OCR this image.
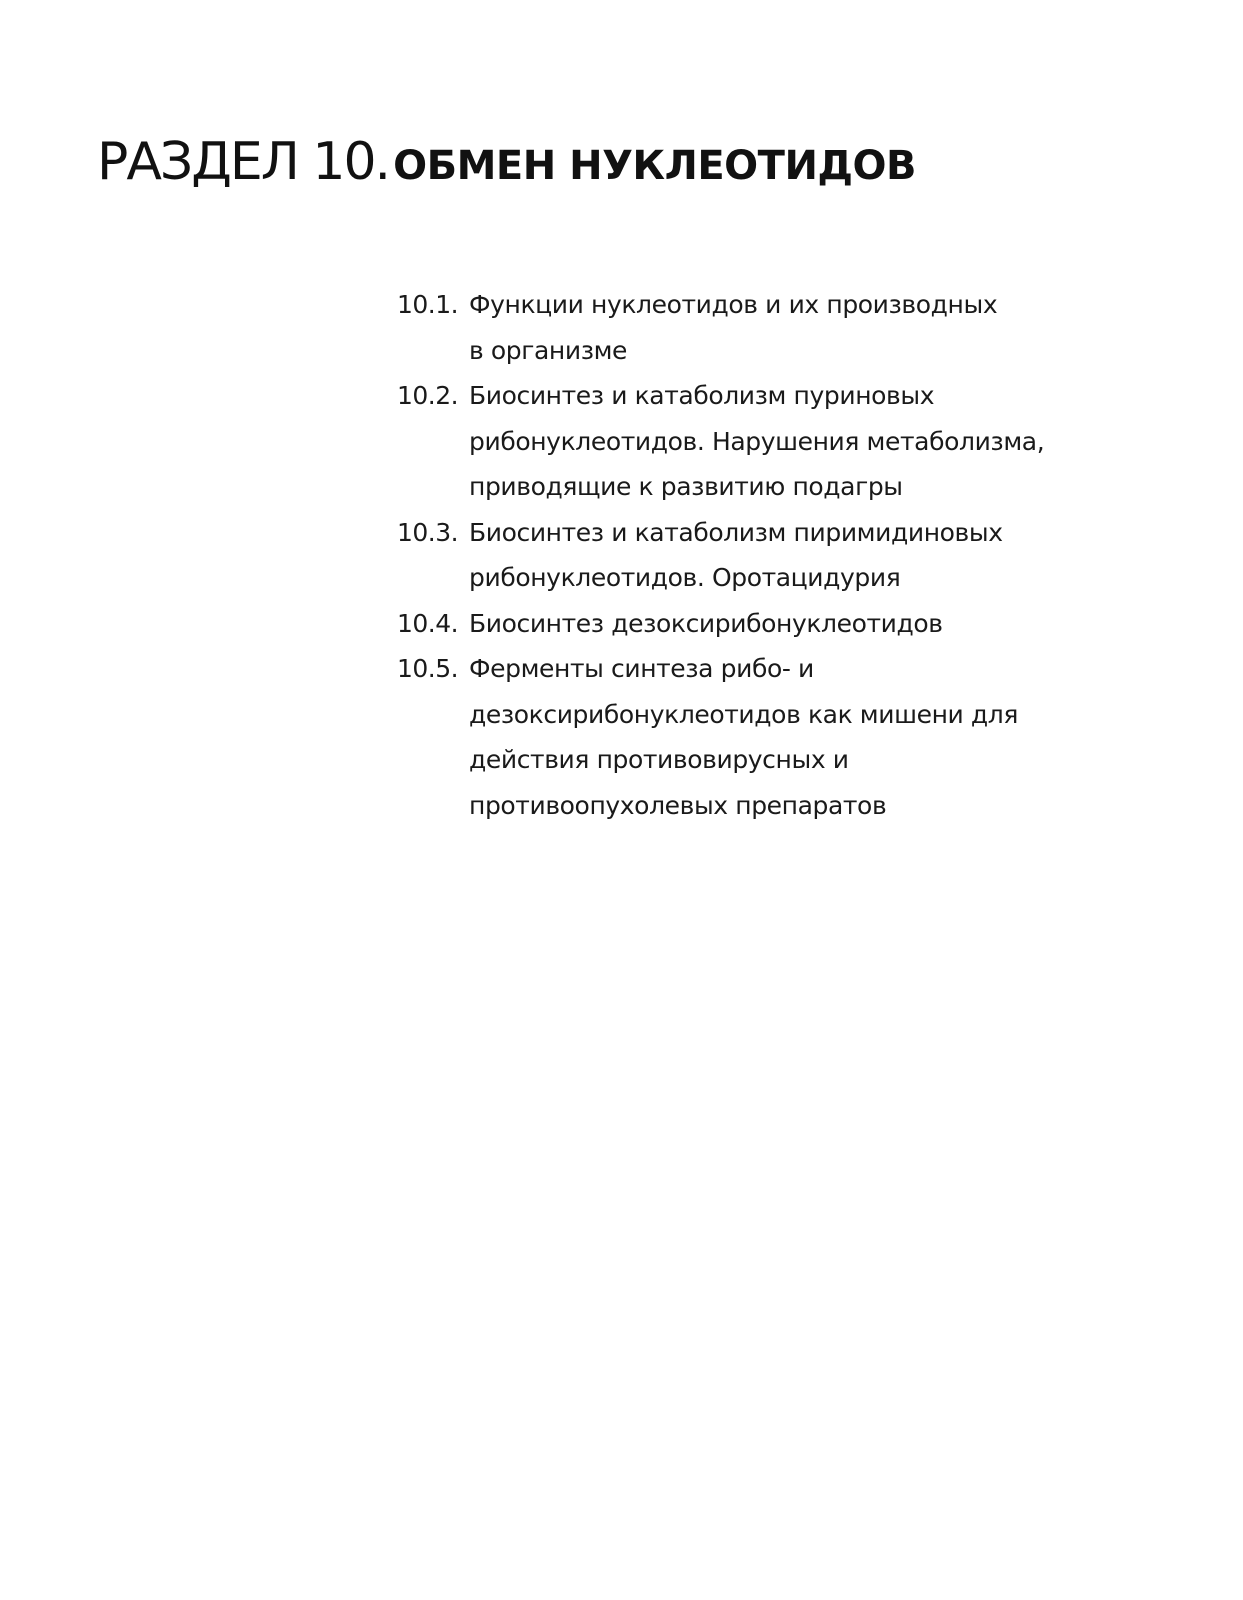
РАЗДЕЛ 10. ОБМЕН НУКЛЕОТИДОВ
10.1. Функции нуклеотидов и их производных
в организме
10.2. Биосинтез и катаболизм пуриновых
рибонуклеотидов. Нарушения метаболизма,
приводящие к развитию подагры
10.3. Биосинтез и катаболизм пиримидиновых
рибонуклеотидов. Оротацидурия
10.4. Биосинтез дезоксирибонуклеотидов
10.5. Ферменты синтеза рибо- и
дезоксирибонуклеотидов как мишени для
действия противовирусных и
противоопухолевых препаратов
